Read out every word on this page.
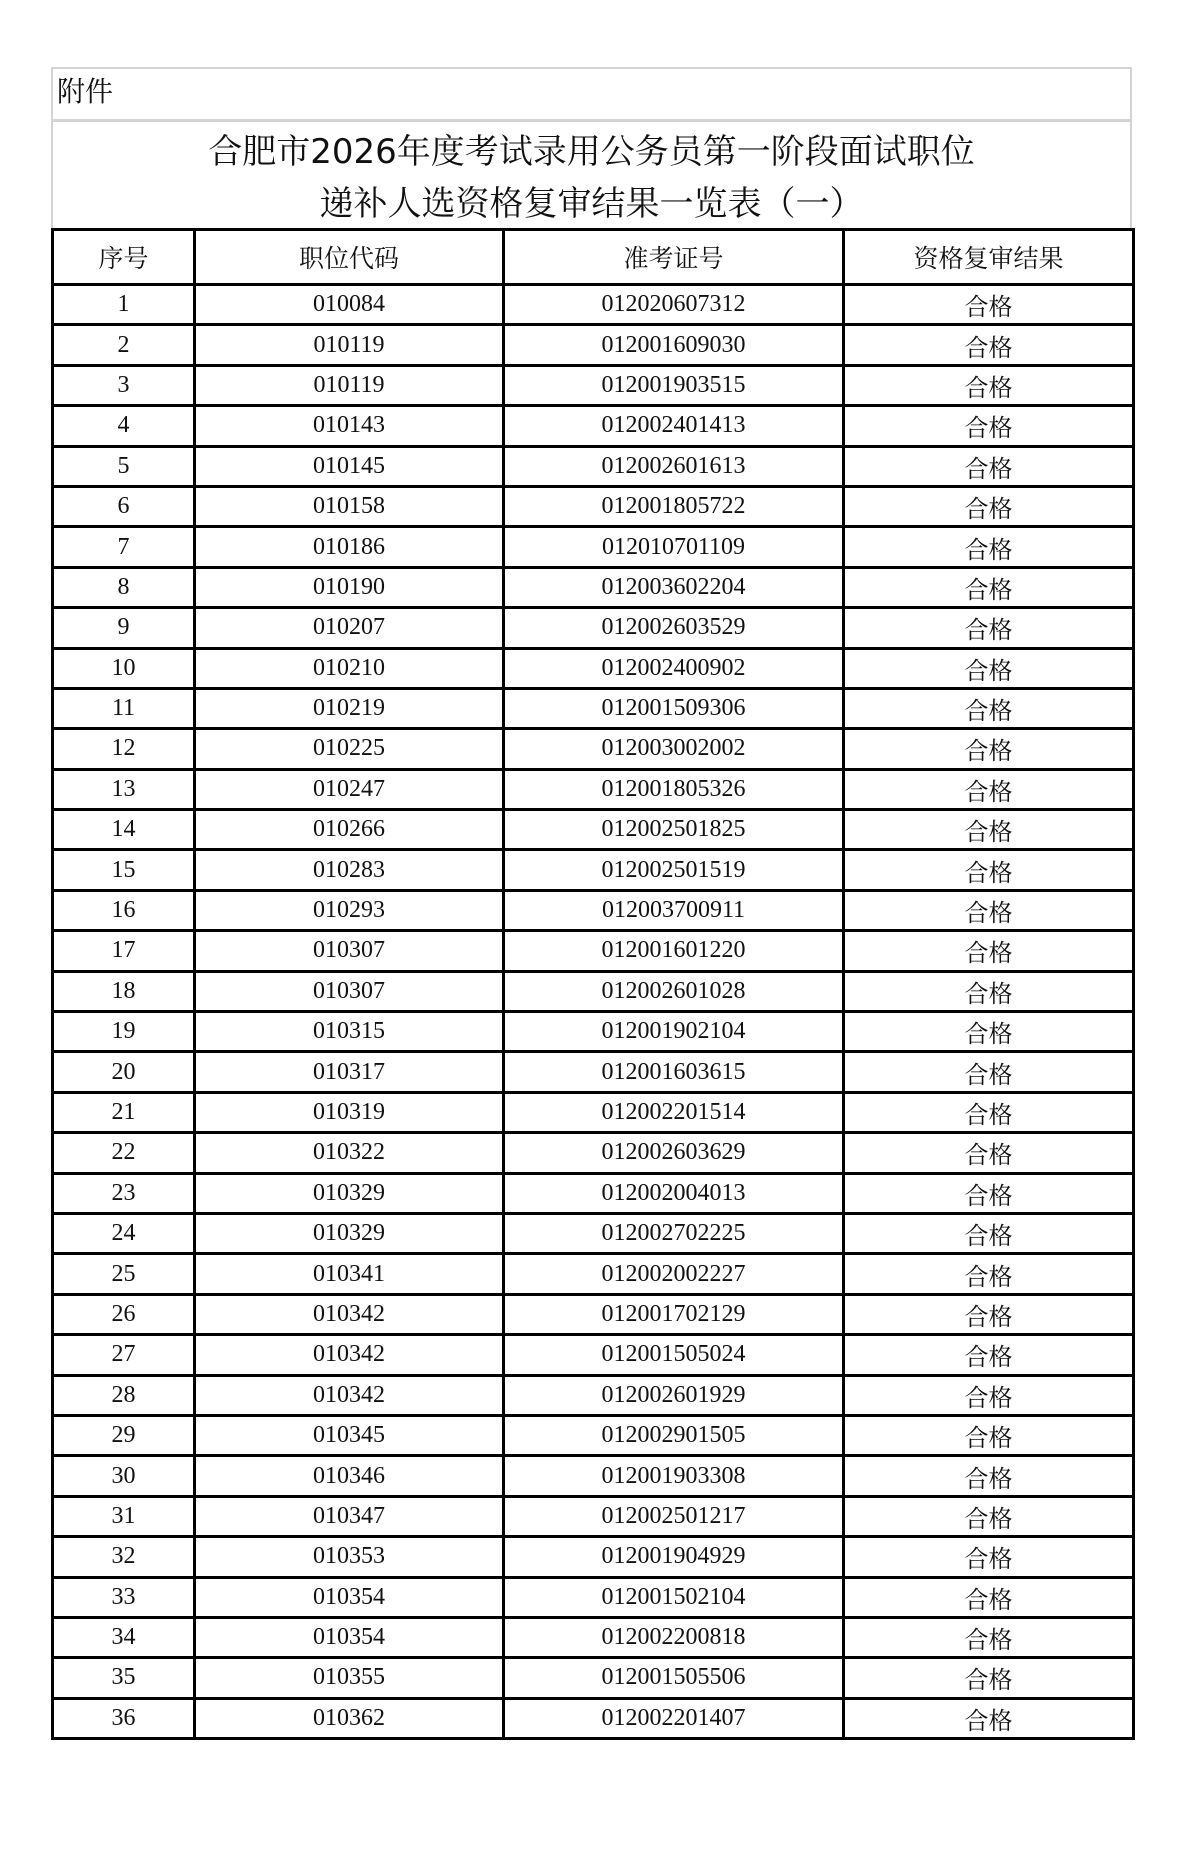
附件
合肥市2026年度考试录用公务员第一阶段面试职位
递补人选资格复审结果一览表（一）
序号	职位代码	准考证号	资格复审结果
1	010084	012020607312	合格
2	010119	012001609030	合格
3	010119	012001903515	合格
4	010143	012002401413	合格
5	010145	012002601613	合格
6	010158	012001805722	合格
7	010186	012010701109	合格
8	010190	012003602204	合格
9	010207	012002603529	合格
10	010210	012002400902	合格
11	010219	012001509306	合格
12	010225	012003002002	合格
13	010247	012001805326	合格
14	010266	012002501825	合格
15	010283	012002501519	合格
16	010293	012003700911	合格
17	010307	012001601220	合格
18	010307	012002601028	合格
19	010315	012001902104	合格
20	010317	012001603615	合格
21	010319	012002201514	合格
22	010322	012002603629	合格
23	010329	012002004013	合格
24	010329	012002702225	合格
25	010341	012002002227	合格
26	010342	012001702129	合格
27	010342	012001505024	合格
28	010342	012002601929	合格
29	010345	012002901505	合格
30	010346	012001903308	合格
31	010347	012002501217	合格
32	010353	012001904929	合格
33	010354	012001502104	合格
34	010354	012002200818	合格
35	010355	012001505506	合格
36	010362	012002201407	合格
